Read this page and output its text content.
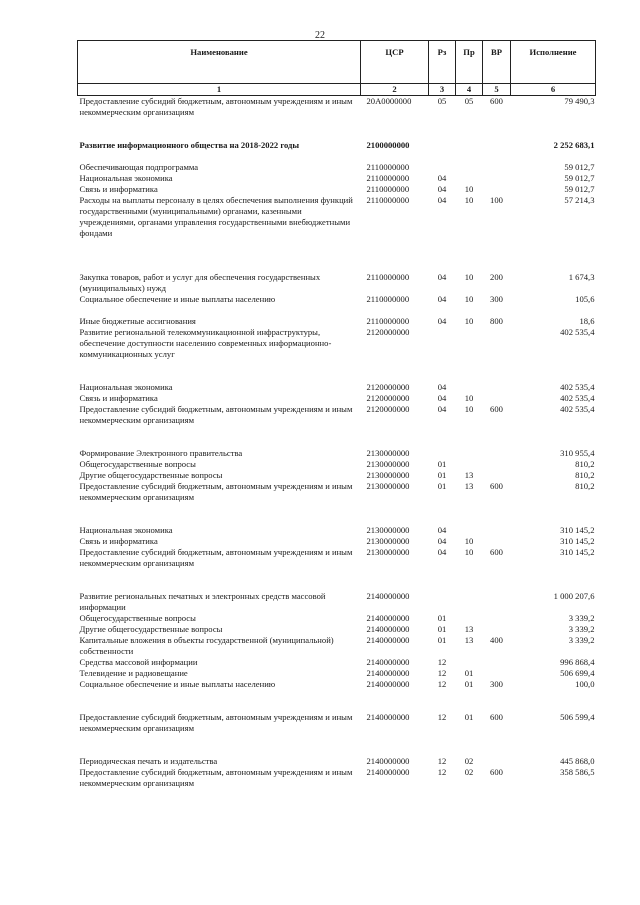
22
Наименование	ЦСР	Рз	Пр	ВР	Исполнение
1	2	3	4	5	6
Предоставление субсидий бюджетным, автономным учреждениям и иным некоммерческим организациям	20А0000000	05	05	600	79 490,3

Развитие информационного общества на 2018-2022 годы	2100000000				2 252 683,1

Обеспечивающая подпрограмма	2110000000				59 012,7
Национальная экономика	2110000000	04			59 012,7
Связь и информатика	2110000000	04	10		59 012,7
Расходы на выплаты персоналу в целях обеспечения выполнения функций государственными (муниципальными) органами, казенными учреждениями, органами управления государственными внебюджетными фондами	2110000000	04	10	100	57 214,3

Закупка товаров, работ и услуг для обеспечения государственных (муниципальных) нужд	2110000000	04	10	200	1 674,3
Социальное обеспечение и иные выплаты населению	2110000000	04	10	300	105,6

Иные бюджетные ассигнования	2110000000	04	10	800	18,6
Развитие региональной телекоммуникационной инфраструктуры, обеспечение доступности населению современных информационно-коммуникационных услуг	2120000000				402 535,4

Национальная экономика	2120000000	04			402 535,4
Связь и информатика	2120000000	04	10		402 535,4
Предоставление субсидий бюджетным, автономным учреждениям и иным некоммерческим организациям	2120000000	04	10	600	402 535,4

Формирование Электронного правительства	2130000000				310 955,4
Общегосударственные вопросы	2130000000	01			810,2
Другие общегосударственные вопросы	2130000000	01	13		810,2
Предоставление субсидий бюджетным, автономным учреждениям и иным некоммерческим организациям	2130000000	01	13	600	810,2

Национальная экономика	2130000000	04			310 145,2
Связь и информатика	2130000000	04	10		310 145,2
Предоставление субсидий бюджетным, автономным учреждениям и иным некоммерческим организациям	2130000000	04	10	600	310 145,2

Развитие региональных печатных и электронных средств массовой информации	2140000000				1 000 207,6
Общегосударственные вопросы	2140000000	01			3 339,2
Другие общегосударственные вопросы	2140000000	01	13		3 339,2
Капитальные вложения в объекты государственной (муниципальной) собственности	2140000000	01	13	400	3 339,2
Средства массовой информации	2140000000	12			996 868,4
Телевидение и радиовещание	2140000000	12	01		506 699,4
Социальное обеспечение и иные выплаты населению	2140000000	12	01	300	100,0

Предоставление субсидий бюджетным, автономным учреждениям и иным некоммерческим организациям	2140000000	12	01	600	506 599,4

Периодическая печать и издательства	2140000000	12	02		445 868,0
Предоставление субсидий бюджетным, автономным учреждениям и иным некоммерческим организациям	2140000000	12	02	600	358 586,5
